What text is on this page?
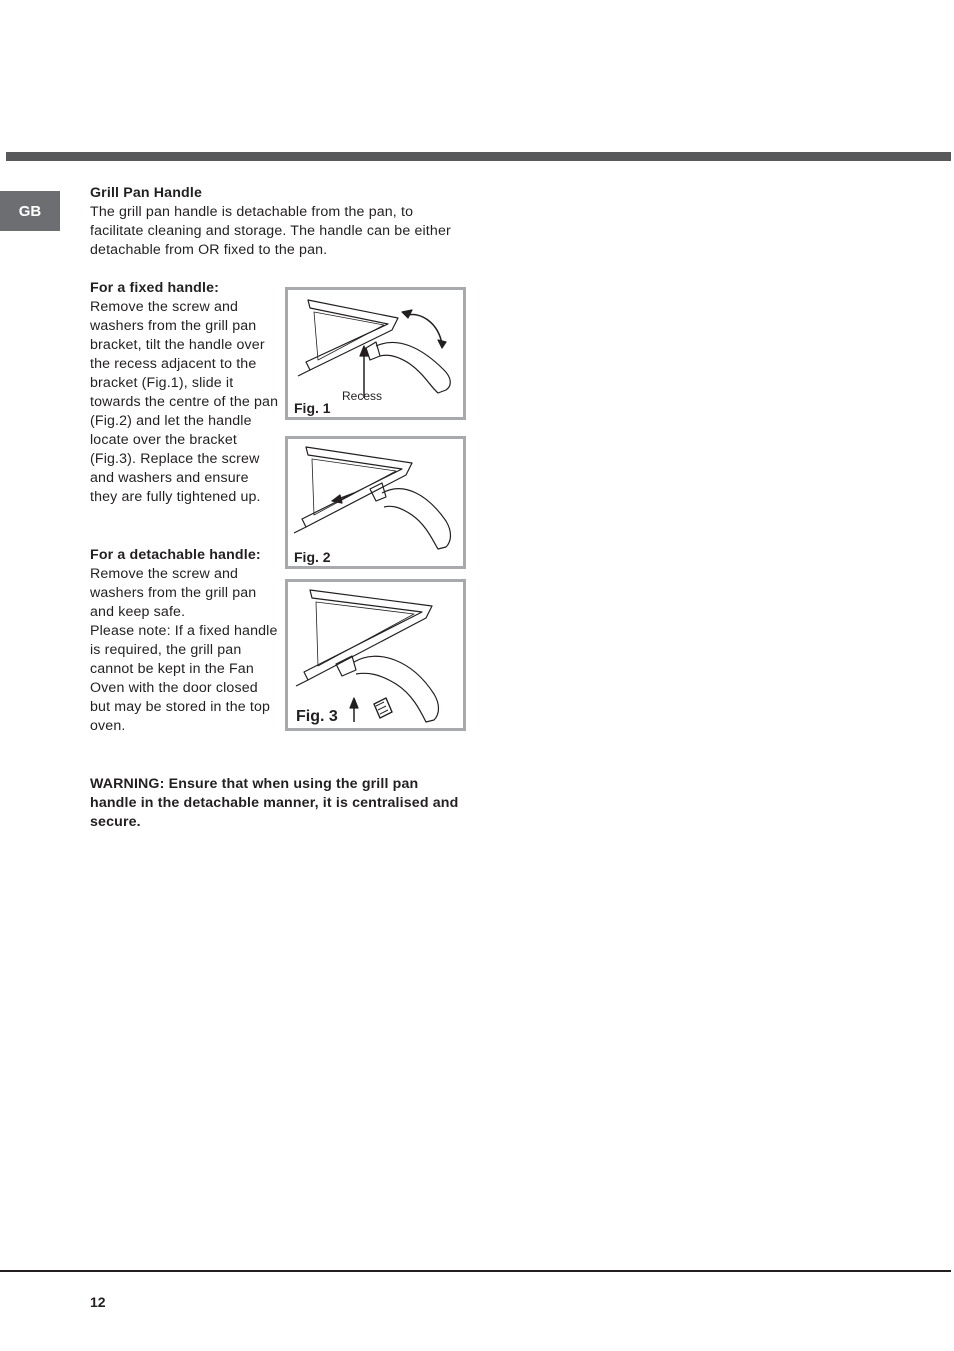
GB

Grill Pan Handle

The grill pan handle is detachable from the pan, to facilitate cleaning and storage. The handle can be either detachable from OR fixed to the pan.

For a fixed handle:

Remove the screw and washers from the grill pan bracket, tilt the handle over the recess adjacent to the bracket (Fig.1), slide it towards the centre of the pan (Fig.2) and let the handle locate over the bracket (Fig.3). Replace the screw and washers and ensure they are fully tightened up.

For a detachable handle:

Remove the screw and washers from the grill pan and keep safe.

Please note: If a fixed handle is required, the grill pan cannot be kept in the Fan Oven with the door closed but may be stored in the top oven.

WARNING: Ensure that when using the grill pan handle in the detachable manner, it is centralised and secure.
Recess
Fig. 1
Fig. 2
Fig. 3
12
